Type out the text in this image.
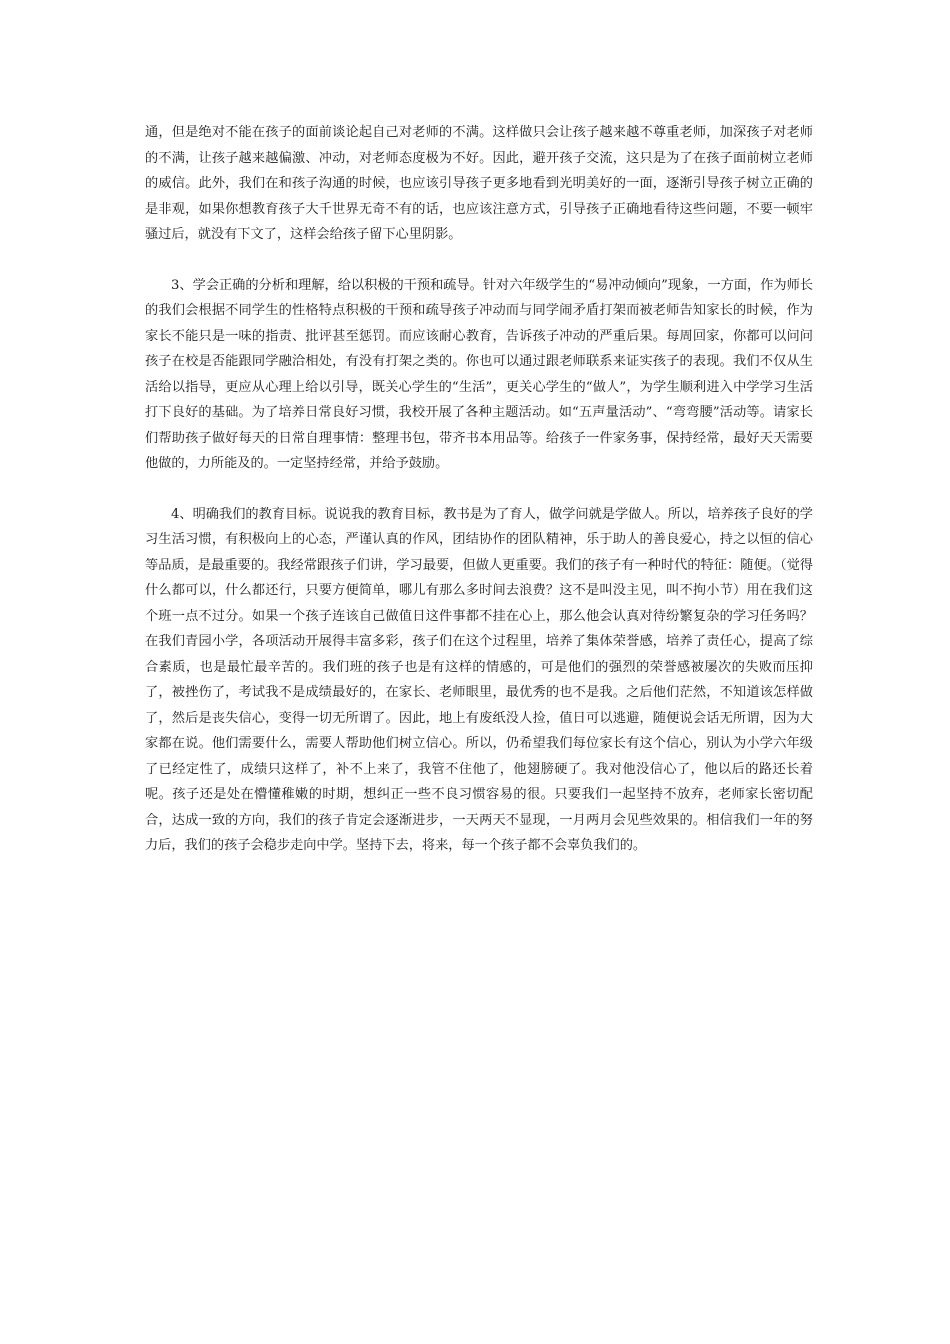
通，但是绝对不能在孩子的面前谈论起自己对老师的不满。这样做只会让孩子越来越不尊重老师，加深孩子对老师的不满，让孩子越来越偏激、冲动，对老师态度极为不好。因此，避开孩子交流，这只是为了在孩子面前树立老师的威信。此外，我们在和孩子沟通的时候，也应该引导孩子更多地看到光明美好的一面，逐渐引导孩子树立正确的是非观，如果你想教育孩子大千世界无奇不有的话，也应该注意方式，引导孩子正确地看待这些问题，不要一顿牢骚过后，就没有下文了，这样会给孩子留下心里阴影。

3、学会正确的分析和理解，给以积极的干预和疏导。针对六年级学生的“易冲动倾向”现象，一方面，作为师长的我们会根据不同学生的性格特点积极的干预和疏导孩子冲动而与同学闹矛盾打架而被老师告知家长的时候，作为家长不能只是一味的指责、批评甚至惩罚。而应该耐心教育，告诉孩子冲动的严重后果。每周回家，你都可以问问孩子在校是否能跟同学融洽相处，有没有打架之类的。你也可以通过跟老师联系来证实孩子的表现。我们不仅从生活给以指导，更应从心理上给以引导，既关心学生的“生活”，更关心学生的“做人”，为学生顺利进入中学学习生活打下良好的基础。为了培养日常良好习惯，我校开展了各种主题活动。如“五声量活动”、“弯弯腰”活动等。请家长们帮助孩子做好每天的日常自理事情：整理书包，带齐书本用品等。给孩子一件家务事，保持经常，最好天天需要他做的，力所能及的。一定坚持经常，并给予鼓励。

4、明确我们的教育目标。说说我的教育目标，教书是为了育人，做学问就是学做人。所以，培养孩子良好的学习生活习惯，有积极向上的心态，严谨认真的作风，团结协作的团队精神，乐于助人的善良爱心，持之以恒的信心等品质，是最重要的。我经常跟孩子们讲，学习最要，但做人更重要。我们的孩子有一种时代的特征：随便。（觉得什么都可以，什么都还行，只要方便简单，哪儿有那么多时间去浪费？这不是叫没主见，叫不拘小节）用在我们这个班一点不过分。如果一个孩子连该自己做值日这件事都不挂在心上，那么他会认真对待纷繁复杂的学习任务吗？在我们青园小学，各项活动开展得丰富多彩，孩子们在这个过程里，培养了集体荣誉感，培养了责任心，提高了综合素质，也是最忙最辛苦的。我们班的孩子也是有这样的情感的，可是他们的强烈的荣誉感被屡次的失败而压抑了，被挫伤了，考试我不是成绩最好的，在家长、老师眼里，最优秀的也不是我。之后他们茫然，不知道该怎样做了，然后是丧失信心，变得一切无所谓了。因此，地上有废纸没人捡，值日可以逃避，随便说会话无所谓，因为大家都在说。他们需要什么，需要人帮助他们树立信心。所以，仍希望我们每位家长有这个信心，别认为小学六年级了已经定性了，成绩只这样了，补不上来了，我管不住他了，他翅膀硬了。我对他没信心了，他以后的路还长着呢。孩子还是处在懵懂稚嫩的时期，想纠正一些不良习惯容易的很。只要我们一起坚持不放弃，老师家长密切配合，达成一致的方向，我们的孩子肯定会逐渐进步，一天两天不显现，一月两月会见些效果的。相信我们一年的努力后，我们的孩子会稳步走向中学。坚持下去，将来，每一个孩子都不会辜负我们的。
